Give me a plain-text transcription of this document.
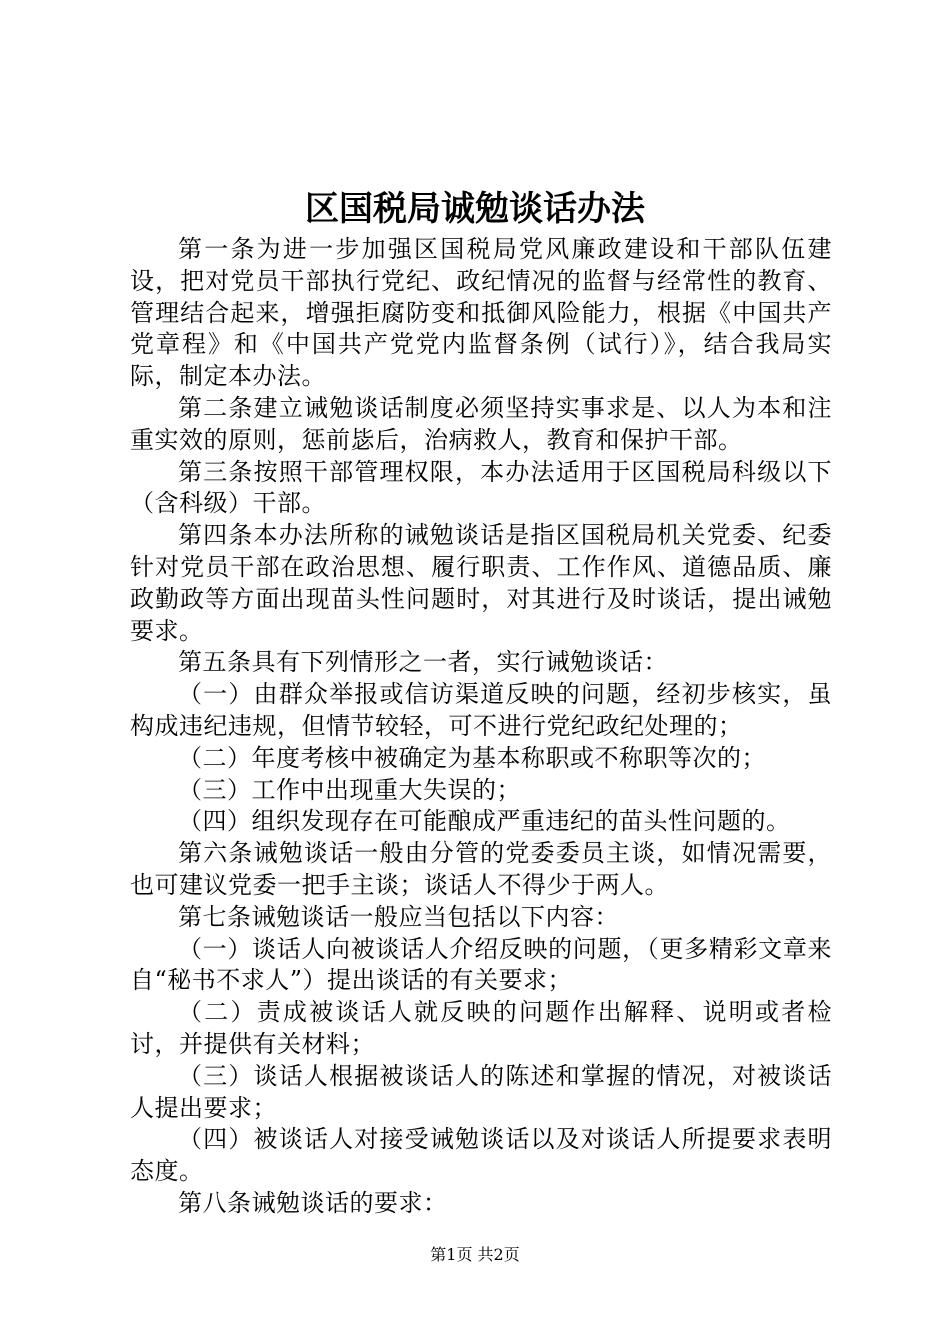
区国税局诚勉谈话办法

第一条为进一步加强区国税局党风廉政建设和干部队伍建设，把对党员干部执行党纪、政纪情况的监督与经常性的教育、管理结合起来，增强拒腐防变和抵御风险能力，根据《中国共产党章程》和《中国共产党党内监督条例（试行）》，结合我局实际，制定本办法。

第二条建立诫勉谈话制度必须坚持实事求是、以人为本和注重实效的原则，惩前毖后，治病救人，教育和保护干部。

第三条按照干部管理权限，本办法适用于区国税局科级以下（含科级）干部。

第四条本办法所称的诫勉谈话是指区国税局机关党委、纪委针对党员干部在政治思想、履行职责、工作作风、道德品质、廉政勤政等方面出现苗头性问题时，对其进行及时谈话，提出诫勉要求。

第五条具有下列情形之一者，实行诫勉谈话：

（一）由群众举报或信访渠道反映的问题，经初步核实，虽构成违纪违规，但情节较轻，可不进行党纪政纪处理的；

（二）年度考核中被确定为基本称职或不称职等次的；

（三）工作中出现重大失误的；

（四）组织发现存在可能酿成严重违纪的苗头性问题的。

第六条诫勉谈话一般由分管的党委委员主谈，如情况需要，也可建议党委一把手主谈；谈话人不得少于两人。

第七条诫勉谈话一般应当包括以下内容：

（一）谈话人向被谈话人介绍反映的问题，（更多精彩文章来自“秘书不求人”）提出谈话的有关要求；

（二）责成被谈话人就反映的问题作出解释、说明或者检讨，并提供有关材料；

（三）谈话人根据被谈话人的陈述和掌握的情况，对被谈话人提出要求；

（四）被谈话人对接受诫勉谈话以及对谈话人所提要求表明态度。

第八条诫勉谈话的要求：

第1页 共2页
